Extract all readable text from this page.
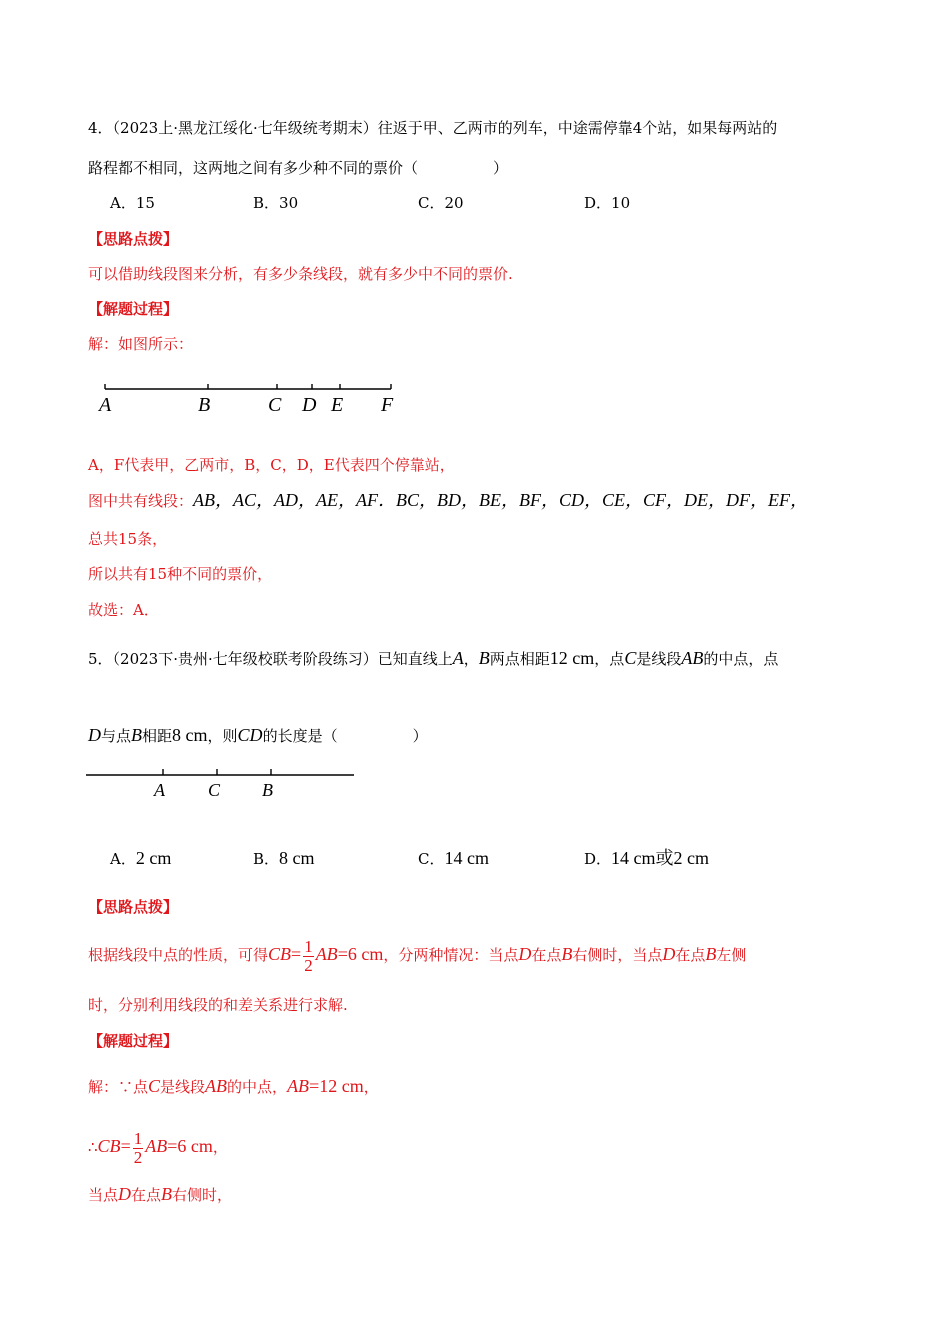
4．（2023上·黑龙江绥化·七年级统考期末）往返于甲、乙两市的列车，中途需停靠4个站，如果每两站的
路程都不相同，这两地之间有多少种不同的票价（　　　　　）
A．15	B．30	C．20	D．10
【思路点拨】
可以借助线段图来分析，有多少条线段，就有多少中不同的票价.
【解题过程】
解：如图所示：
A	B	C D E F
A，F代表甲，乙两市，B，C，D，E代表四个停靠站，
图中共有线段：AB，AC，AD，AE，AF．BC，BD，BE，BF，CD，CE，CF，DE，DF，EF，
总共15条，
所以共有15种不同的票价，
故选：A．
5．（2023下·贵州·七年级校联考阶段练习）已知直线上A，B两点相距12 cm，点C是线段AB的中点，点
D与点B相距8 cm，则CD的长度是（　　　　　）
A C B
A．2 cm	B．8 cm	C．14 cm	D．14 cm或2 cm
【思路点拨】
根据线段中点的性质，可得$CB= \frac{1}{2} AB=6$ cm，分两种情况：当点D在点B右侧时，当点D在点B左侧
时，分别利用线段的和差关系进行求解.
【解题过程】
解：∵点C是线段AB的中点，AB=12 cm，
∴CB= $\frac{1}{2} AB=6$ cm，
当点D在点B右侧时，
